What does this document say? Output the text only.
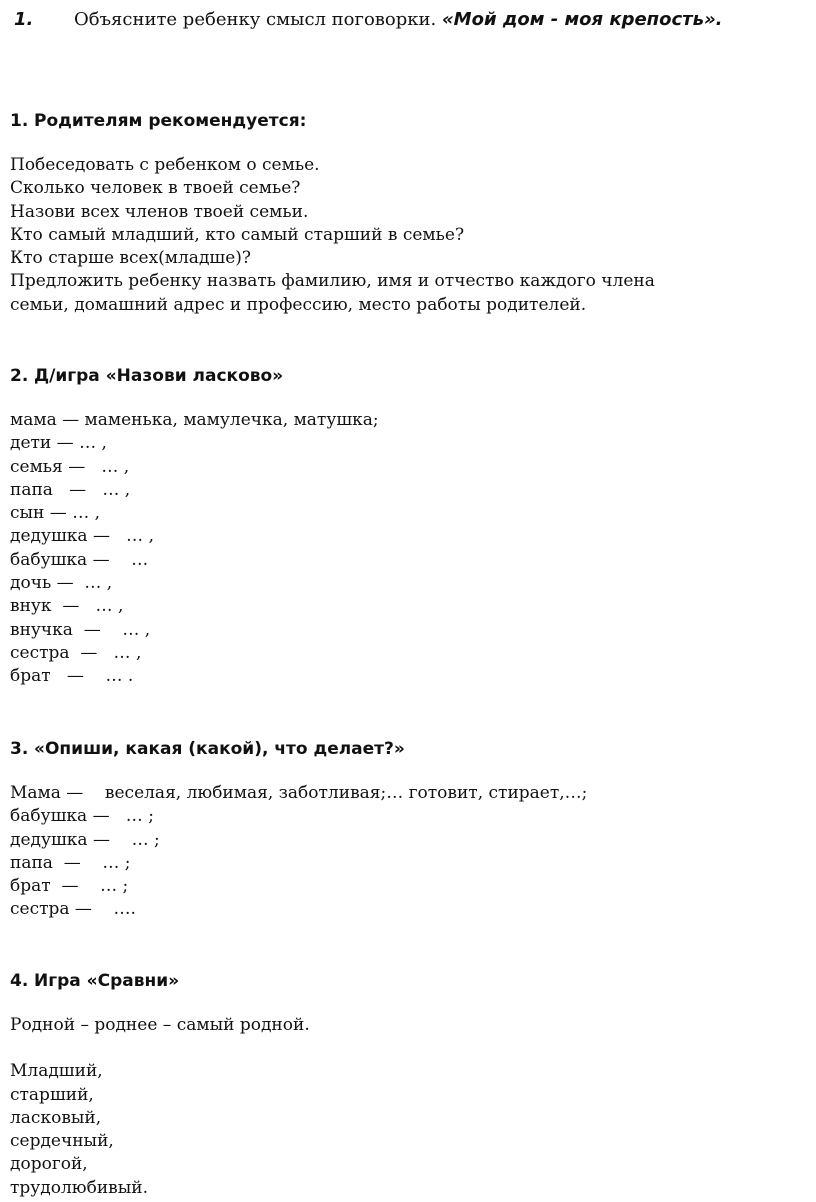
1. Объясните ребенку смысл поговорки. «Мой дом - моя крепость».
1. Родителям рекомендуется:
Побеседовать с ребенком о семье.
Сколько человек в твоей семье?
Назови всех членов твоей семьи.
Кто самый младший, кто самый старший в семье?
Кто старше всех(младше)?
Предложить ребенку назвать фамилию, имя и отчество каждого члена
семьи, домашний адрес и профессию, место работы родителей.
2. Д/игра «Назови ласково»
мама — маменька, мамулечка, матушка;
дети — … ,
семья —   … ,
папа   —   … ,
сын — … ,
дедушка —   … ,
бабушка —    …
дочь —  … ,
внук  —   … ,
внучка  —    … ,
сестра  —   … ,
брат   —    … .
3. «Опиши, какая (какой), что делает?»
Мама —    веселая, любимая, заботливая;… готовит, стирает,…;
бабушка —   … ;
дедушка —    … ;
папа  —    … ;
брат  —    … ;
сестра —    ….
4. Игра «Сравни»
Родной – роднее – самый родной.
Младший,
старший,
ласковый,
сердечный,
дорогой,
трудолюбивый.
